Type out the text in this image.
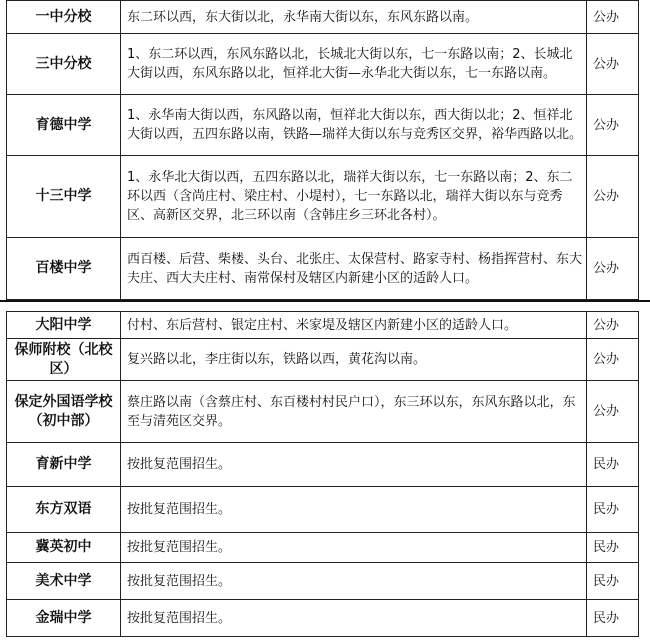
一中分校	东二环以西，东大街以北，永华南大街以东，东风东路以南。	公办
三中分校	1、东二环以西，东风东路以北，长城北大街以东，七一东路以南；2、长城北大街以西，东风东路以北，恒祥北大街—永华北大街以东，七一东路以南。	公办
育德中学	1、永华南大街以西，东风路以南，恒祥北大街以东，西大街以北；2、恒祥北大街以西，五四东路以南，铁路—瑞祥大街以东与竞秀区交界，裕华西路以北。	公办
十三中学	1、永华北大街以西，五四东路以北，瑞祥大街以东，七一东路以南；2、东二环以西（含尚庄村、梁庄村、小堤村），七一东路以北，瑞祥大街以东与竞秀区、高新区交界，北三环以南（含韩庄乡三环北各村）。	公办
百楼中学	西百楼、后营、柴楼、头台、北张庄、太保营村、路家寺村、杨指挥营村、东大夫庄、西大夫庄村、南常保村及辖区内新建小区的适龄人口。	公办
大阳中学	付村、东后营村、银定庄村、米家堤及辖区内新建小区的适龄人口。	公办
保师附校（北校区）	复兴路以北，李庄街以东，铁路以西，黄花沟以南。	公办
保定外国语学校（初中部）	蔡庄路以南（含蔡庄村、东百楼村村民户口），东三环以东，东风东路以北，东至与清苑区交界。	公办
育新中学	按批复范围招生。	民办
东方双语	按批复范围招生。	民办
冀英初中	按批复范围招生。	民办
美术中学	按批复范围招生。	民办
金瑞中学	按批复范围招生。	民办
